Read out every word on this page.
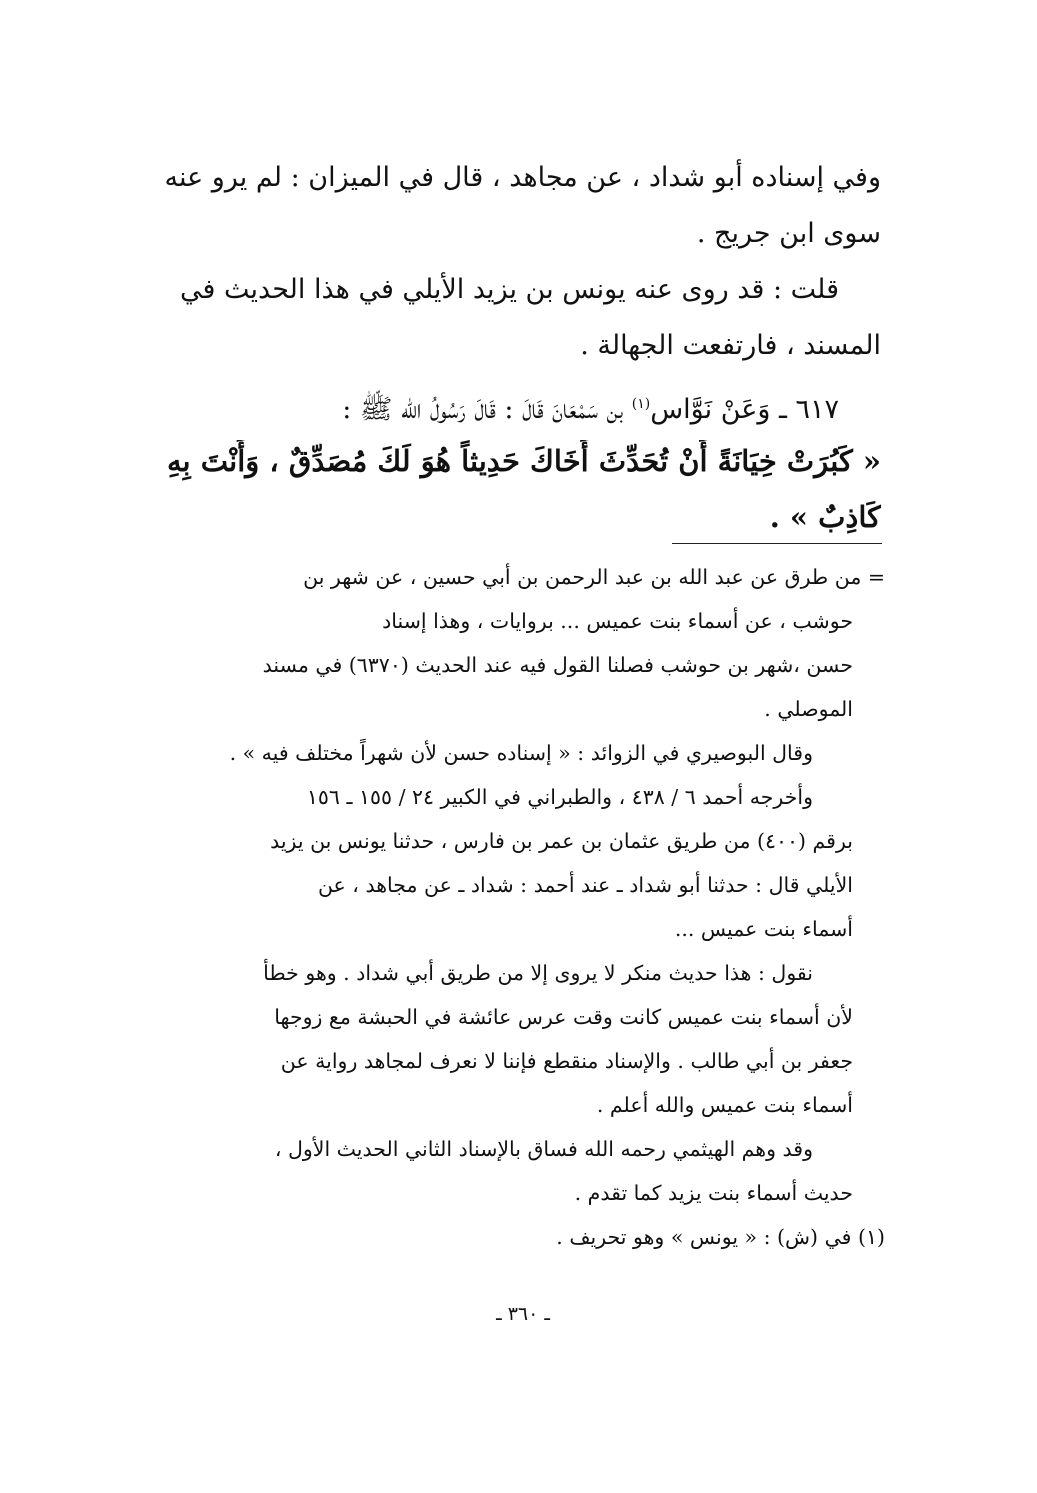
وفي إسناده أبو شداد ، عن مجاهد ، قال في الميزان : لم يرو عنه
سوى ابن جريج .
قلت : قد روى عنه يونس بن يزيد الأيلي في هذا الحديث في
المسند ، فارتفعت الجهالة .
٦١٧ ـ وَعَنْ نَوَّاس$^{(١)}$ بن سَمْعَانَ قَالَ : قَالَ رَسُولُ الله ﷺ :
« كَبُرَتْ خِيَانَةً أَنْ تُحَدِّثَ أَخَاكَ حَدِيثاً هُوَ لَكَ مُصَدِّقٌ ، وَأَنْتَ بِهِ
كَاذِبٌ » .
= من طرق عن عبد الله بن عبد الرحمن بن أبي حسين ، عن شهر بن
حوشب ، عن أسماء بنت عميس ... بروايات ، وهذا إسناد
حسن ،شهر بن حوشب فصلنا القول فيه عند الحديث (٦٣٧٠) في مسند
الموصلي .
وقال البوصيري في الزوائد : « إسناده حسن لأن شهراً مختلف فيه » .
وأخرجه أحمد ٦ / ٤٣٨ ، والطبراني في الكبير ٢٤ / ١٥٥ ـ ١٥٦
برقم (٤٠٠) من طريق عثمان بن عمر بن فارس ، حدثنا يونس بن يزيد
الأيلي قال : حدثنا أبو شداد ـ عند أحمد : شداد ـ عن مجاهد ، عن
أسماء بنت عميس ...
نقول : هذا حديث منكر لا يروى إلا من طريق أبي شداد . وهو خطأ
لأن أسماء بنت عميس كانت وقت عرس عائشة في الحبشة مع زوجها
جعفر بن أبي طالب . والإسناد منقطع فإننا لا نعرف لمجاهد رواية عن
أسماء بنت عميس والله أعلم .
وقد وهم الهيثمي رحمه الله فساق بالإسناد الثاني الحديث الأول ،
حديث أسماء بنت يزيد كما تقدم .
(١) في (ش) : « يونس » وهو تحريف .
ـ ٣٦٠ ـ
